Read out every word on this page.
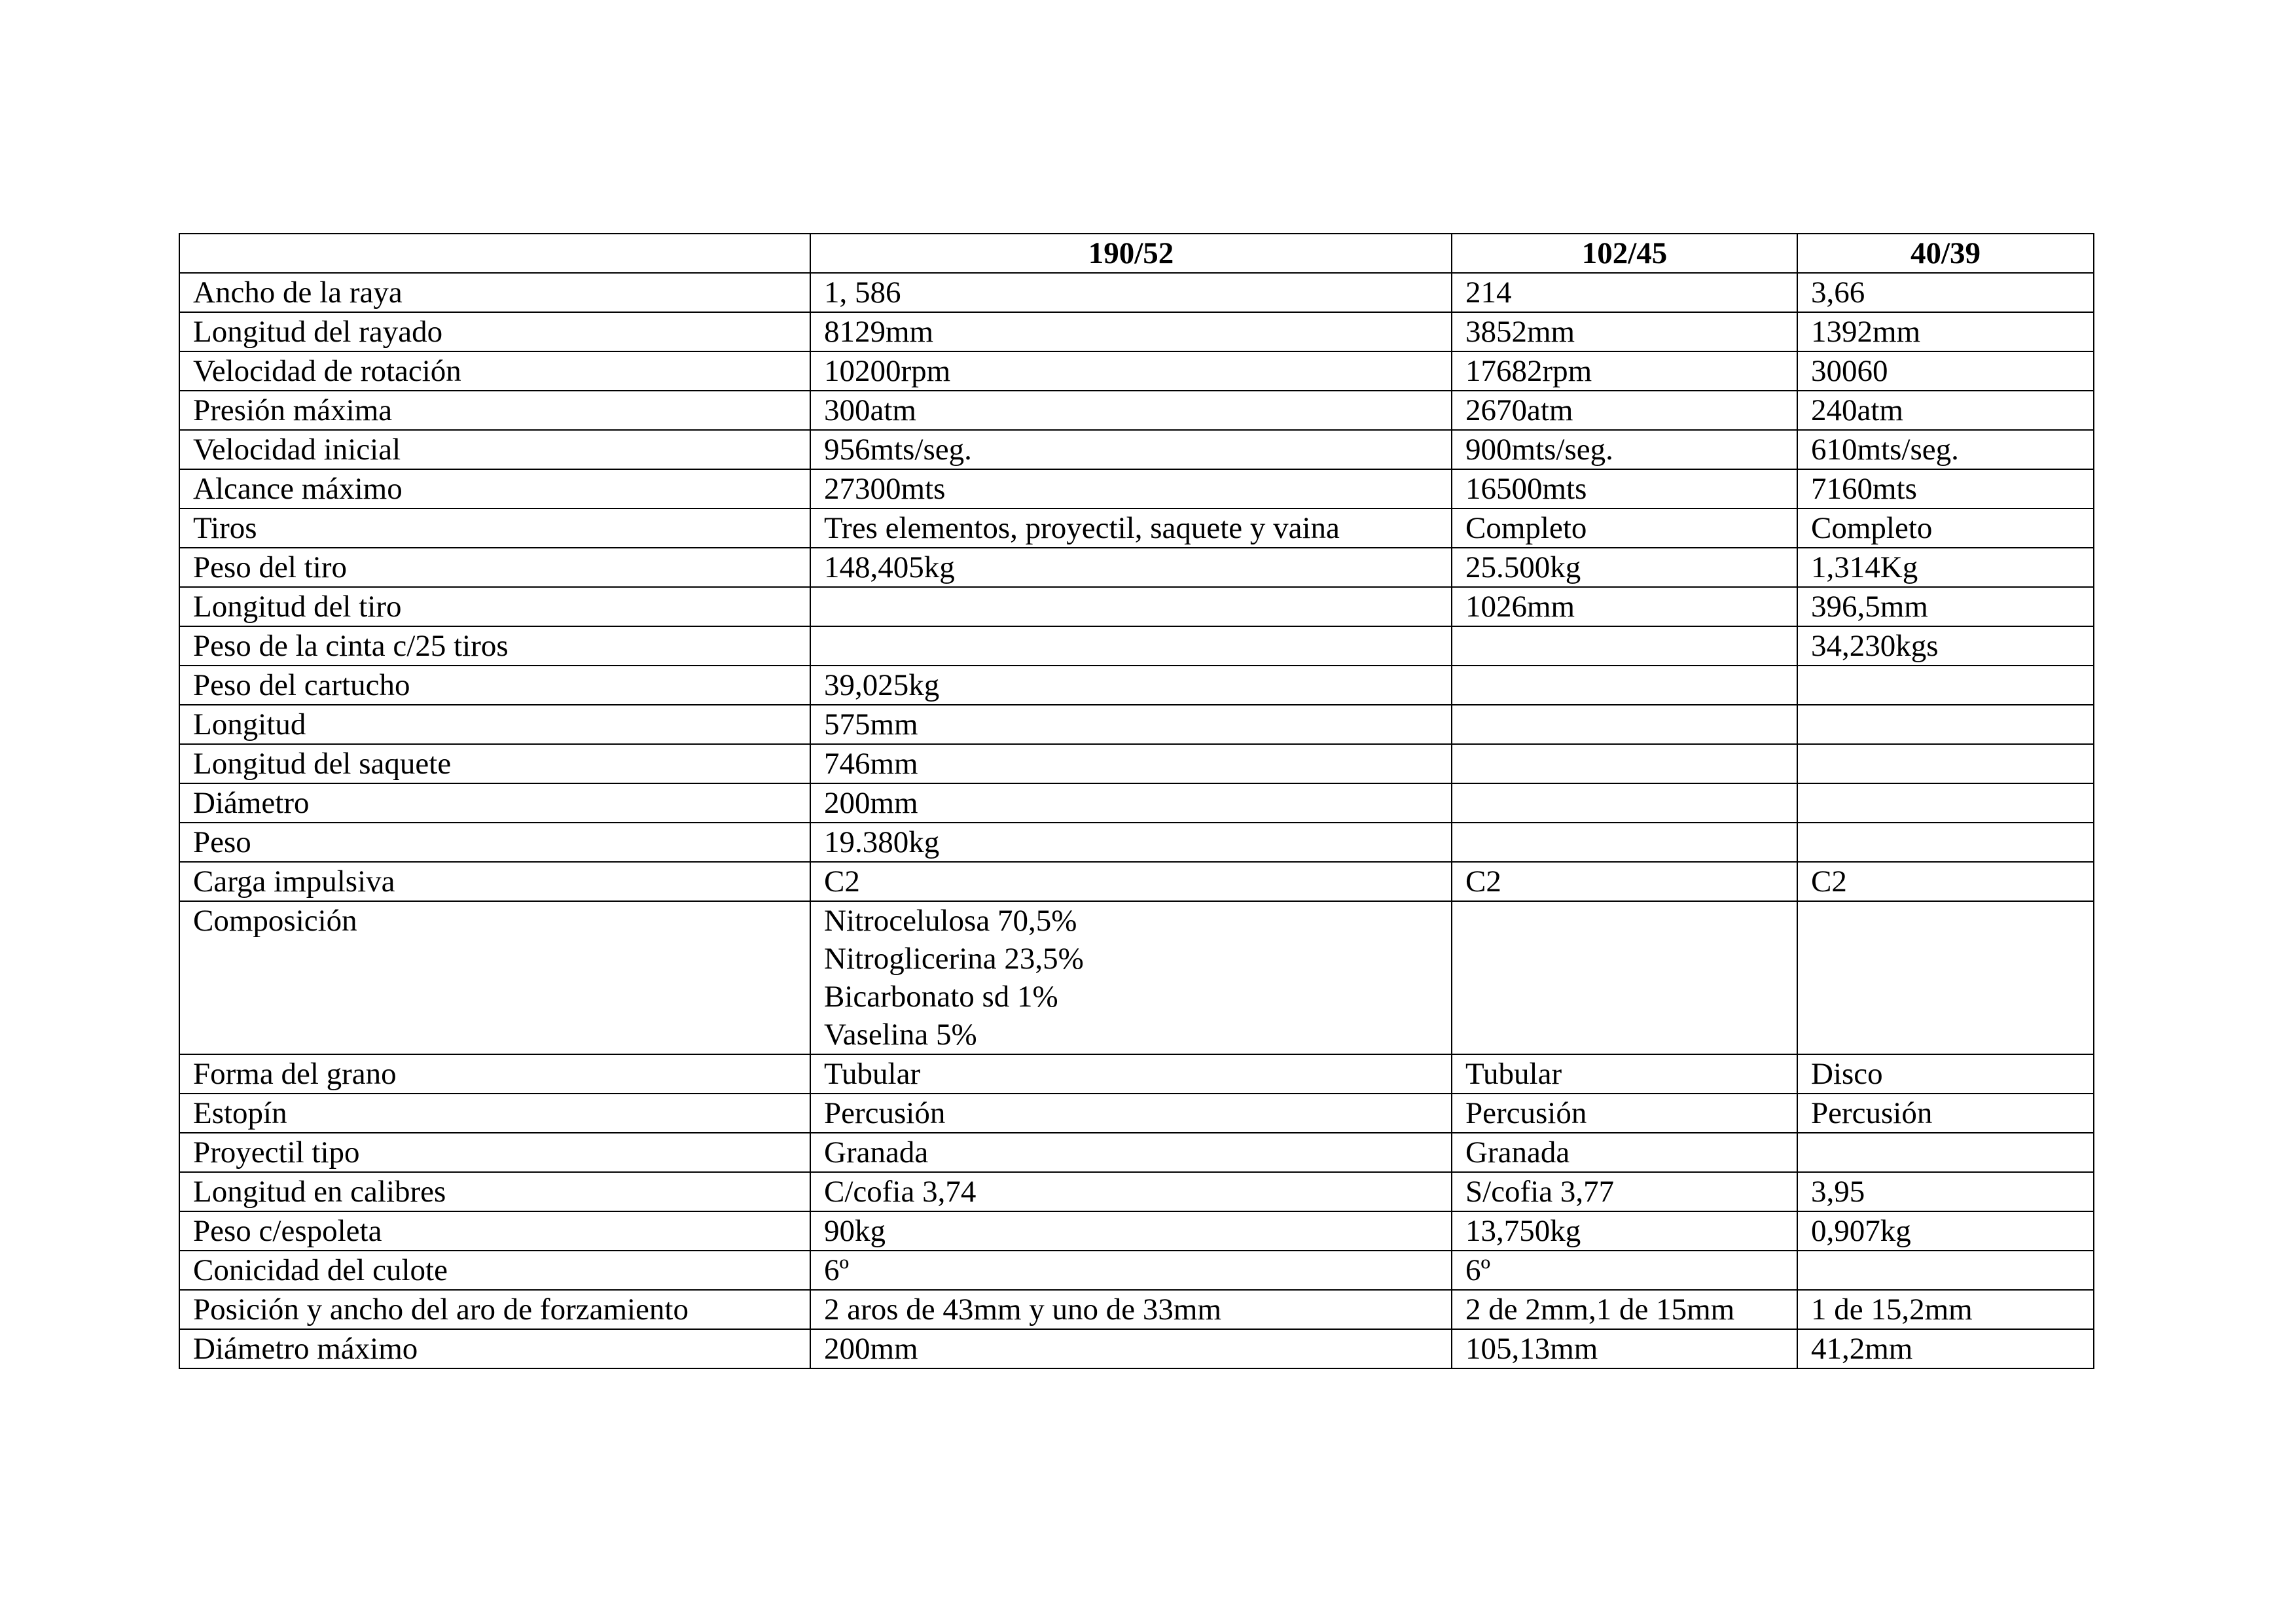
	190/52	102/45	40/39
Ancho de la raya	1, 586	214	3,66
Longitud del rayado	8129mm	3852mm	1392mm
Velocidad de rotación	10200rpm	17682rpm	30060
Presión máxima	300atm	2670atm	240atm
Velocidad inicial	956mts/seg.	900mts/seg.	610mts/seg.
Alcance máximo	27300mts	16500mts	7160mts
Tiros	Tres elementos, proyectil, saquete y vaina	Completo	Completo
Peso del tiro	148,405kg	25.500kg	1,314Kg
Longitud del tiro		1026mm	396,5mm
Peso de la cinta c/25 tiros			34,230kgs
Peso del cartucho	39,025kg		
Longitud	575mm		
Longitud del saquete	746mm		
Diámetro	200mm		
Peso	19.380kg		
Carga impulsiva	C2	C2	C2
Composición	Nitrocelulosa 70,5%
Nitroglicerina 23,5%
Bicarbonato sd 1%
Vaselina 5%		

Forma del grano	Tubular	Tubular	Disco
Estopín	Percusión	Percusión	Percusión
Proyectil tipo	Granada	Granada	
Longitud en calibres	C/cofia 3,74	S/cofia 3,77	3,95
Peso c/espoleta	90kg	13,750kg	0,907kg
Conicidad del culote	6º	6º	
Posición y ancho del aro de forzamiento	2 aros de 43mm y uno de 33mm	2 de 2mm,1 de 15mm	1 de 15,2mm
Diámetro máximo	200mm	105,13mm	41,2mm
